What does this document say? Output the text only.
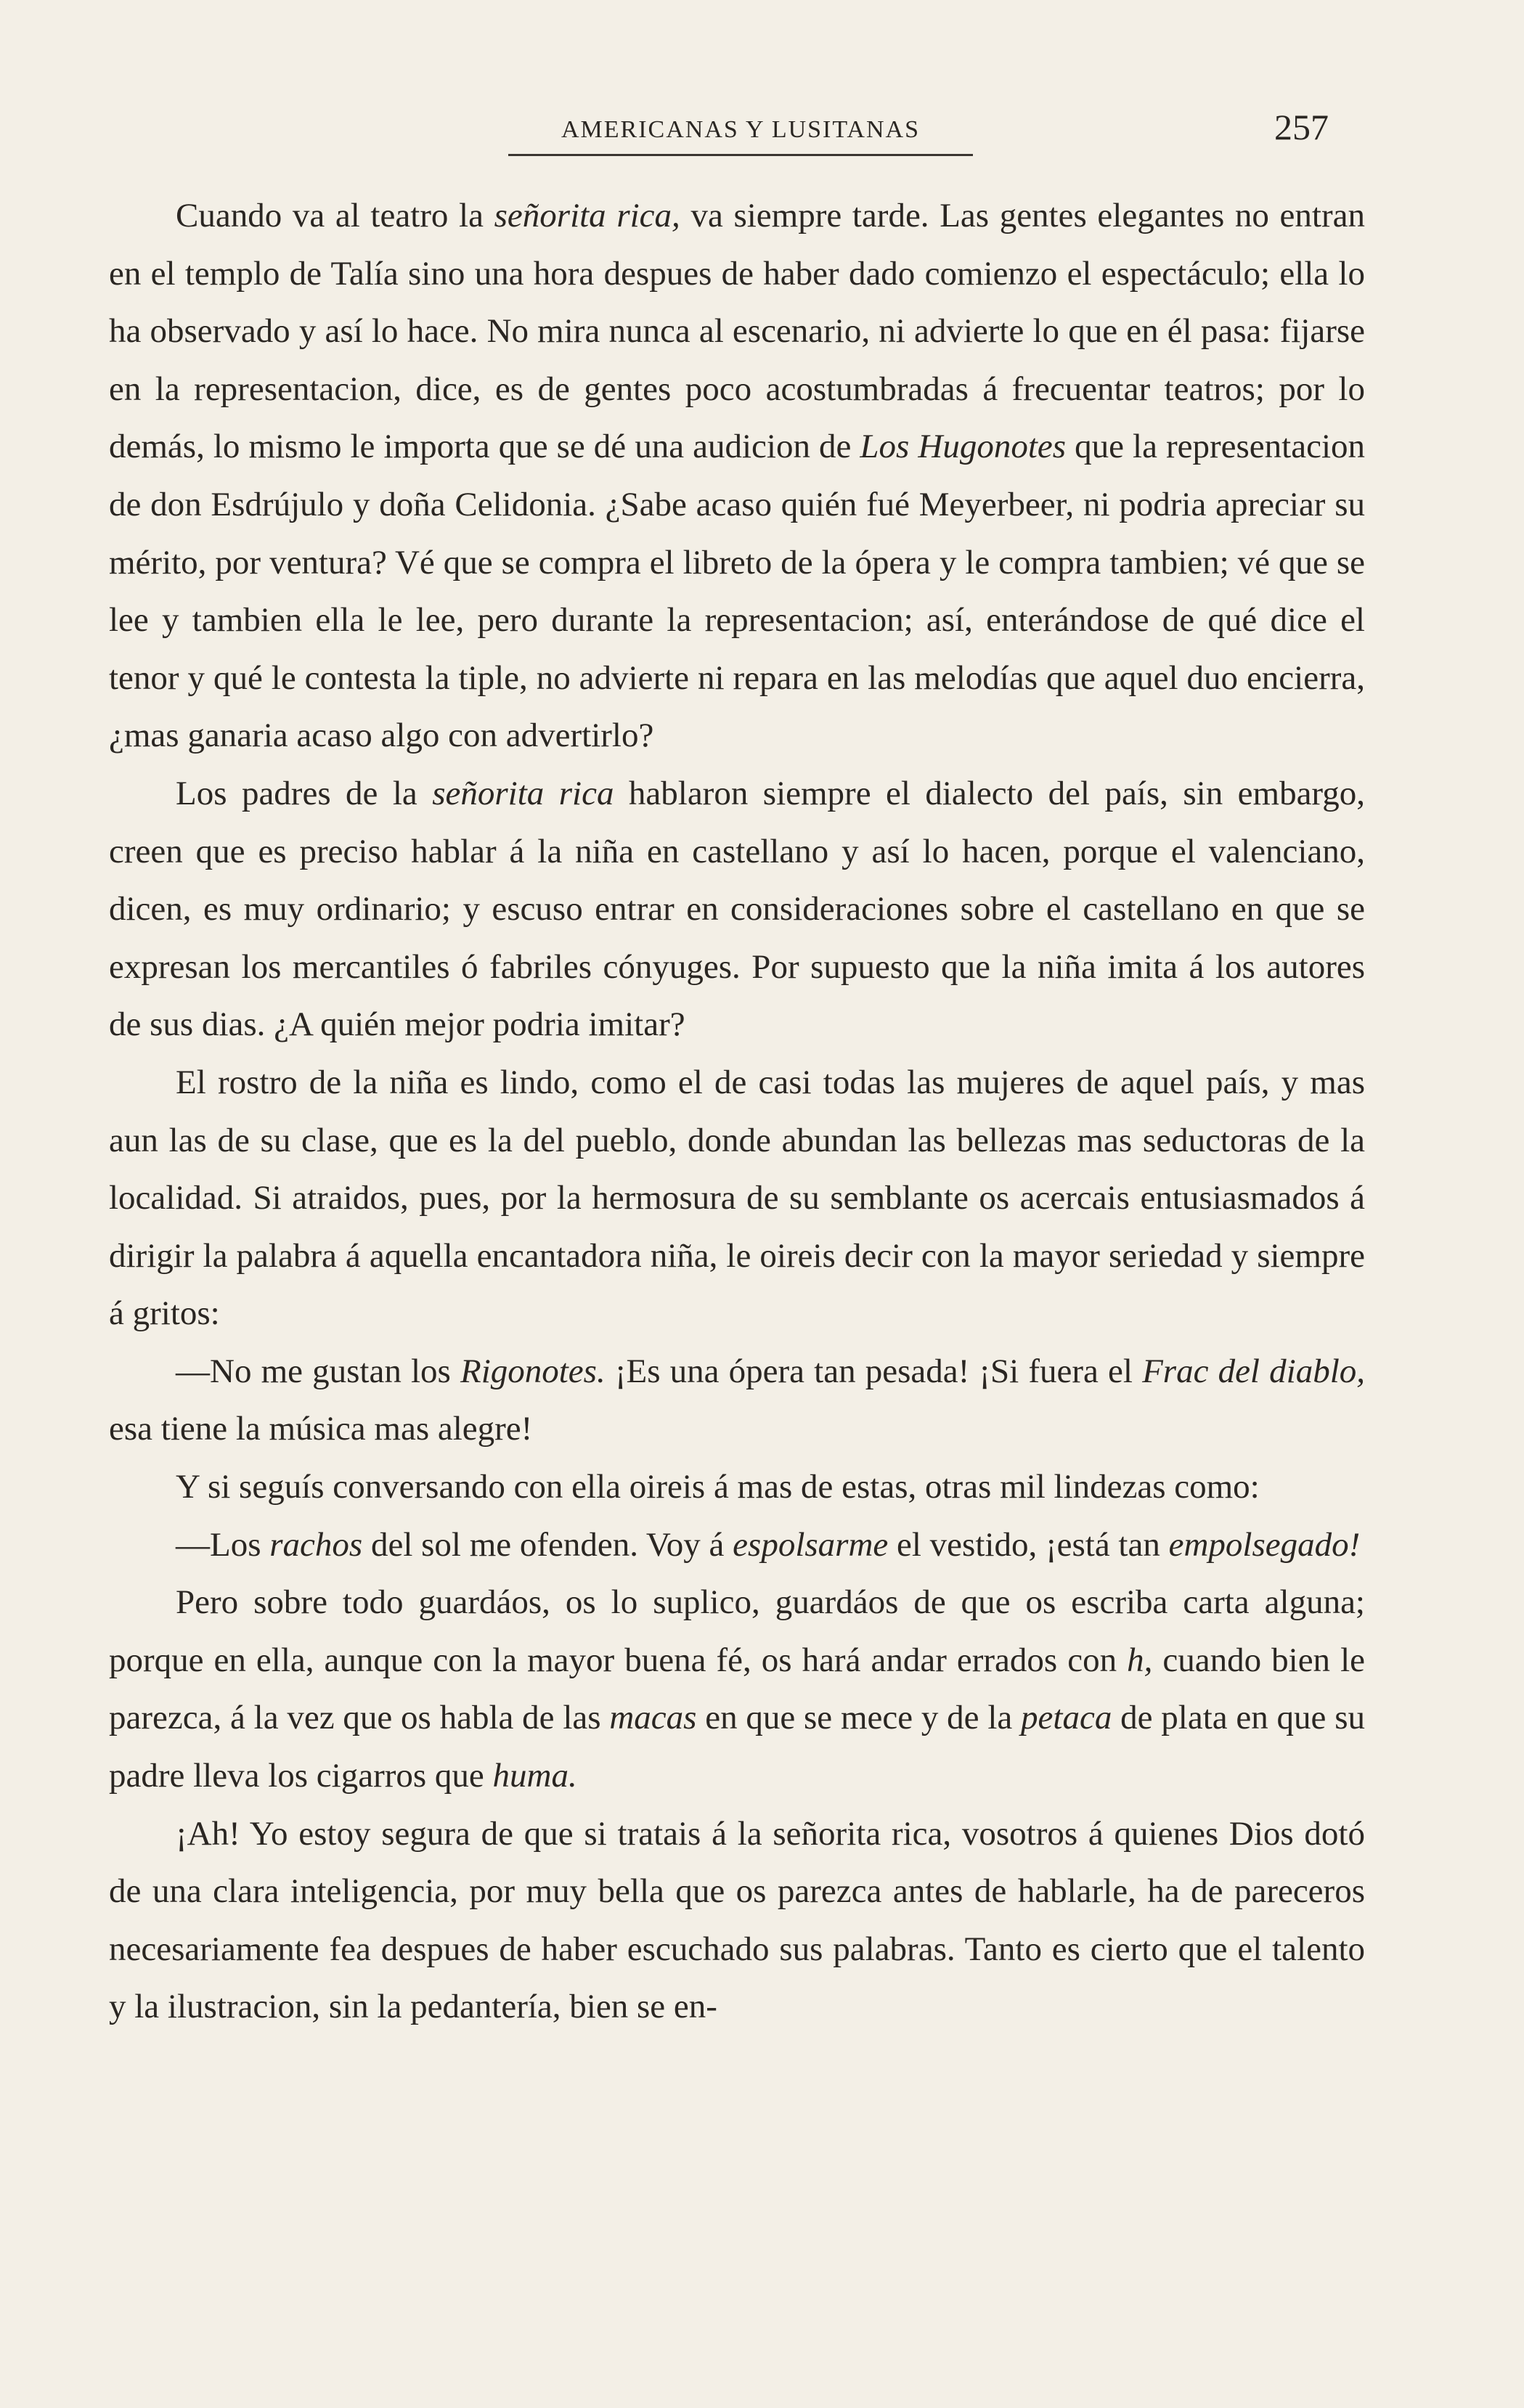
AMERICANAS Y LUSITANAS	257

Cuando va al teatro la señorita rica, va siempre tarde. Las gentes elegantes no entran en el templo de Talía sino una hora despues de haber dado comienzo el espectáculo; ella lo ha observado y así lo hace. No mira nunca al escenario, ni advierte lo que en él pasa: fijarse en la representacion, dice, es de gentes poco acostumbradas á frecuentar teatros; por lo demás, lo mismo le importa que se dé una audicion de Los Hugonotes que la representacion de don Esdrújulo y doña Celidonia. ¿Sabe acaso quién fué Meyerbeer, ni podria apreciar su mérito, por ventura? Vé que se compra el libreto de la ópera y le compra tambien; vé que se lee y tambien ella le lee, pero durante la representacion; así, enterándose de qué dice el tenor y qué le contesta la tiple, no advierte ni repara en las melodías que aquel duo encierra, ¿mas ganaria acaso algo con advertirlo?

Los padres de la señorita rica hablaron siempre el dialecto del país, sin embargo, creen que es preciso hablar á la niña en castellano y así lo hacen, porque el valenciano, dicen, es muy ordinario; y escuso entrar en consideraciones sobre el castellano en que se expresan los mercantiles ó fabriles cónyuges. Por supuesto que la niña imita á los autores de sus dias. ¿A quién mejor podria imitar?

El rostro de la niña es lindo, como el de casi todas las mujeres de aquel país, y mas aun las de su clase, que es la del pueblo, donde abundan las bellezas mas seductoras de la localidad. Si atraidos, pues, por la hermosura de su semblante os acercais entusiasmados á dirigir la palabra á aquella encantadora niña, le oireis decir con la mayor seriedad y siempre á gritos:

—No me gustan los Rigonotes. ¡Es una ópera tan pesada! ¡Si fuera el Frac del diablo, esa tiene la música mas alegre!

Y si seguís conversando con ella oireis á mas de estas, otras mil lindezas como:

—Los rachos del sol me ofenden. Voy á espolsarme el vestido, ¡está tan empolsegado!

Pero sobre todo guardáos, os lo suplico, guardáos de que os escriba carta alguna; porque en ella, aunque con la mayor buena fé, os hará andar errados con h, cuando bien le parezca, á la vez que os habla de las macas en que se mece y de la petaca de plata en que su padre lleva los cigarros que huma.

¡Ah! Yo estoy segura de que si tratais á la señorita rica, vosotros á quienes Dios dotó de una clara inteligencia, por muy bella que os parezca antes de hablarle, ha de pareceros necesariamente fea despues de haber escuchado sus palabras. Tanto es cierto que el talento y la ilustracion, sin la pedantería, bien se en-
